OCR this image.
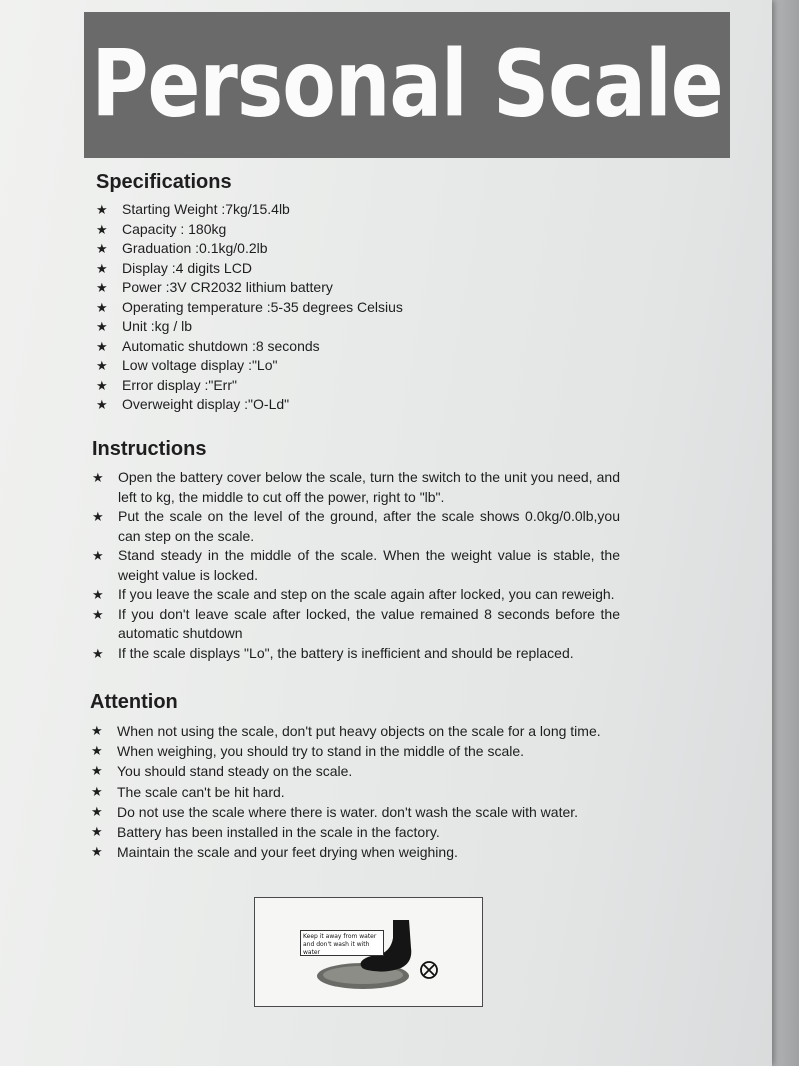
Personal Scale
Specifications
★ Starting Weight :7kg/15.4lb
★ Capacity : 180kg
★ Graduation :0.1kg/0.2lb
★ Display :4 digits LCD
★ Power :3V CR2032 lithium battery
★ Operating temperature :5-35 degrees Celsius
★ Unit :kg / lb
★ Automatic shutdown :8 seconds
★ Low voltage display :"Lo"
★ Error display :"Err"
★ Overweight display :"O-Ld"
Instructions
★ Open the battery cover below the scale, turn the switch to the unit you need, and left to kg, the middle to cut off the power, right to "lb".
★ Put the scale on the level of the ground, after the scale shows 0.0kg/0.0lb,you can step on the scale.
★ Stand steady in the middle of the scale. When the weight value is stable, the weight value is locked.
★ If you leave the scale and step on the scale again after locked, you can reweigh.
★ If you don't leave scale after locked, the value remained 8 seconds before the automatic shutdown
★ If the scale displays "Lo", the battery is inefficient and should be replaced.
Attention
★ When not using the scale, don't put heavy objects on the scale for a long time.
★ When weighing, you should try to stand in the middle of the scale.
★ You should stand steady on the scale.
★ The scale can't be hit hard.
★ Do not use the scale where there is water. don't wash the scale with water.
★ Battery has been installed in the scale in the factory.
★ Maintain the scale and your feet drying when weighing.
Keep it away from water
and don't wash it with water
